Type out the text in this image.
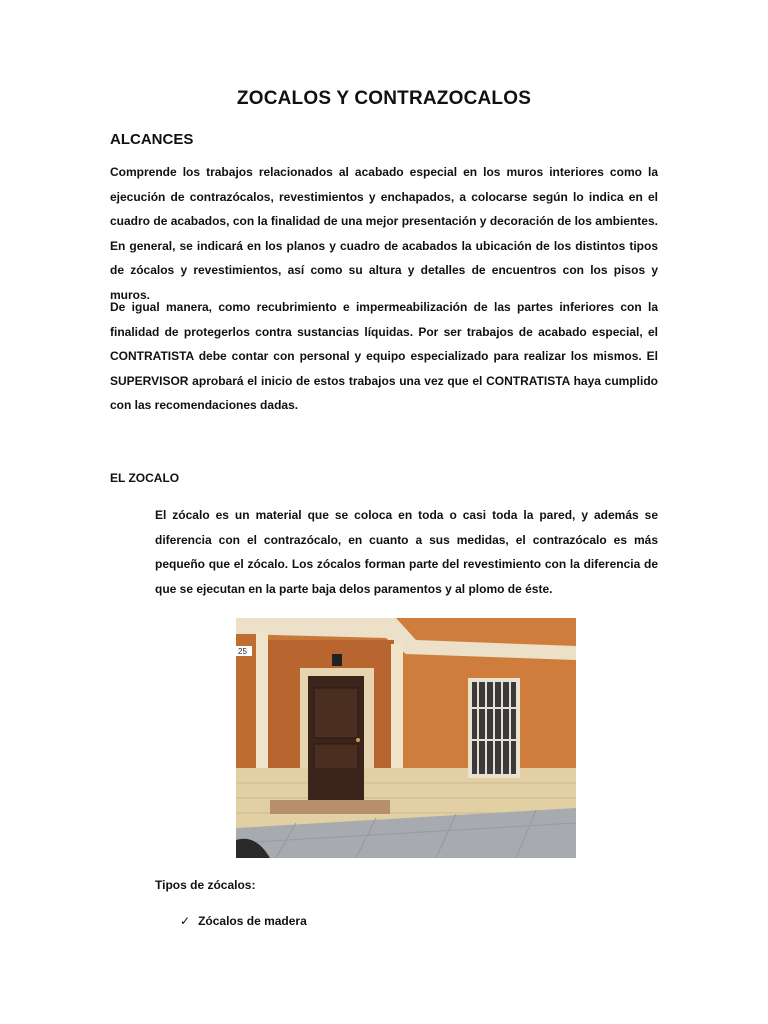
ZOCALOS Y CONTRAZOCALOS
ALCANCES
Comprende los trabajos relacionados al acabado especial en los muros interiores como la ejecución de contrazócalos, revestimientos y enchapados, a colocarse según lo indica en el cuadro de acabados, con la finalidad de una mejor presentación y decoración de los ambientes. En general, se indicará en los planos y cuadro de acabados la ubicación de los distintos tipos de zócalos y revestimientos, así como su altura y detalles de encuentros con los pisos y muros.
De igual manera, como recubrimiento e impermeabilización de las partes inferiores con la finalidad de protegerlos contra sustancias líquidas. Por ser trabajos de acabado especial, el CONTRATISTA debe contar con personal y equipo especializado para realizar los mismos. El SUPERVISOR aprobará el inicio de estos trabajos una vez que el CONTRATISTA haya cumplido con las recomendaciones dadas.
EL ZOCALO
El zócalo es un material que se coloca en toda o casi toda la pared, y además se diferencia con el contrazócalo, en cuanto a sus medidas, el contrazócalo es más pequeño que el zócalo. Los zócalos forman parte del revestimiento con la diferencia de que se ejecutan en la parte baja delos paramentos y al plomo de éste.
25
Tipos de zócalos:
✓ Zócalos de madera
